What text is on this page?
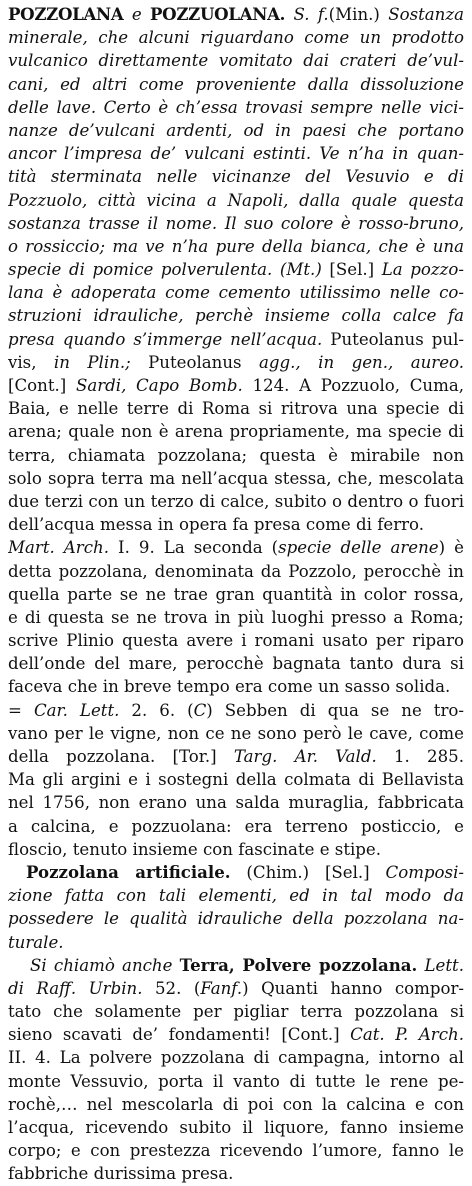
POZZOLANA e POZZUOLANA. S. f.(Min.) Sostanza
minerale, che alcuni riguardano come un prodotto
vulcanico direttamente vomitato dai crateri de’vul-
cani, ed altri come proveniente dalla dissoluzione
delle lave. Certo è ch’essa trovasi sempre nelle vici-
nanze de’vulcani ardenti, od in paesi che portano
ancor l’impresa de’ vulcani estinti. Ve n’ha in quan-
tità sterminata nelle vicinanze del Vesuvio e di
Pozzuolo, città vicina a Napoli, dalla quale questa
sostanza trasse il nome. Il suo colore è rosso-bruno,
o rossiccio; ma ve n’ha pure della bianca, che è una
specie di pomice polverulenta. (Mt.) [Sel.] La pozzo-
lana è adoperata come cemento utilissimo nelle co-
struzioni idrauliche, perchè insieme colla calce fa
presa quando s’immerge nell’acqua. Puteolanus pul-
vis, in Plin.; Puteolanus agg., in gen., aureo.
[Cont.] Sardi, Capo Bomb. 124. A Pozzuolo, Cuma,
Baia, e nelle terre di Roma si ritrova una specie di
arena; quale non è arena propriamente, ma specie di
terra, chiamata pozzolana; questa è mirabile non
solo sopra terra ma nell’acqua stessa, che, mescolata
due terzi con un terzo di calce, subito o dentro o fuori
dell’acqua messa in opera fa presa come di ferro.
Mart. Arch. I. 9. La seconda (specie delle arene) è
detta pozzolana, denominata da Pozzolo, perocchè in
quella parte se ne trae gran quantità in color rossa,
e di questa se ne trova in più luoghi presso a Roma;
scrive Plinio questa avere i romani usato per riparo
dell’onde del mare, perocchè bagnata tanto dura si
faceva che in breve tempo era come un sasso solida.
= Car. Lett. 2. 6. (C) Sebben di qua se ne tro-
vano per le vigne, non ce ne sono però le cave, come
della pozzolana. [Tor.] Targ. Ar. Vald. 1. 285.
Ma gli argini e i sostegni della colmata di Bellavista
nel 1756, non erano una salda muraglia, fabbricata
a calcina, e pozzuolana: era terreno posticcio, e
floscio, tenuto insieme con fascinate e stipe.
Pozzolana artificiale. (Chim.) [Sel.] Composi-
zione fatta con tali elementi, ed in tal modo da
possedere le qualità idrauliche della pozzolana na-
turale.
Si chiamò anche Terra, Polvere pozzolana. Lett.
di Raff. Urbin. 52. (Fanf.) Quanti hanno compor-
tato che solamente per pigliar terra pozzolana si
sieno scavati de’ fondamenti! [Cont.] Cat. P. Arch.
II. 4. La polvere pozzolana di campagna, intorno al
monte Vessuvio, porta il vanto di tutte le rene pe-
rochè,… nel mescolarla di poi con la calcina e con
l’acqua, ricevendo subito il liquore, fanno insieme
corpo; e con prestezza ricevendo l’umore, fanno le
fabbriche durissima presa.
